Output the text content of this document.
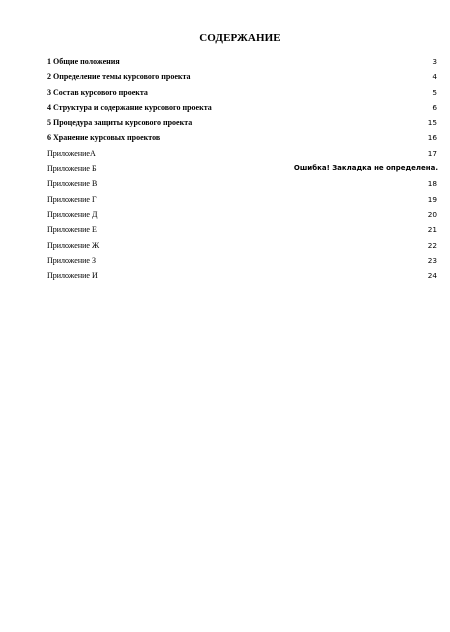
СОДЕРЖАНИЕ
1 Общие положения	3
2 Определение темы курсового проекта	4
3 Состав курсового проекта	5
4 Структура и содержание курсового проекта	6
5 Процедура защиты курсового проекта	15
6 Хранение курсовых проектов	16
ПриложениеА	17
Приложение Б	Ошибка! Закладка не определена.
Приложение В	18
Приложение Г	19
Приложение Д	20
Приложение Е	21
Приложение Ж	22
Приложение З	23
Приложение И	24
